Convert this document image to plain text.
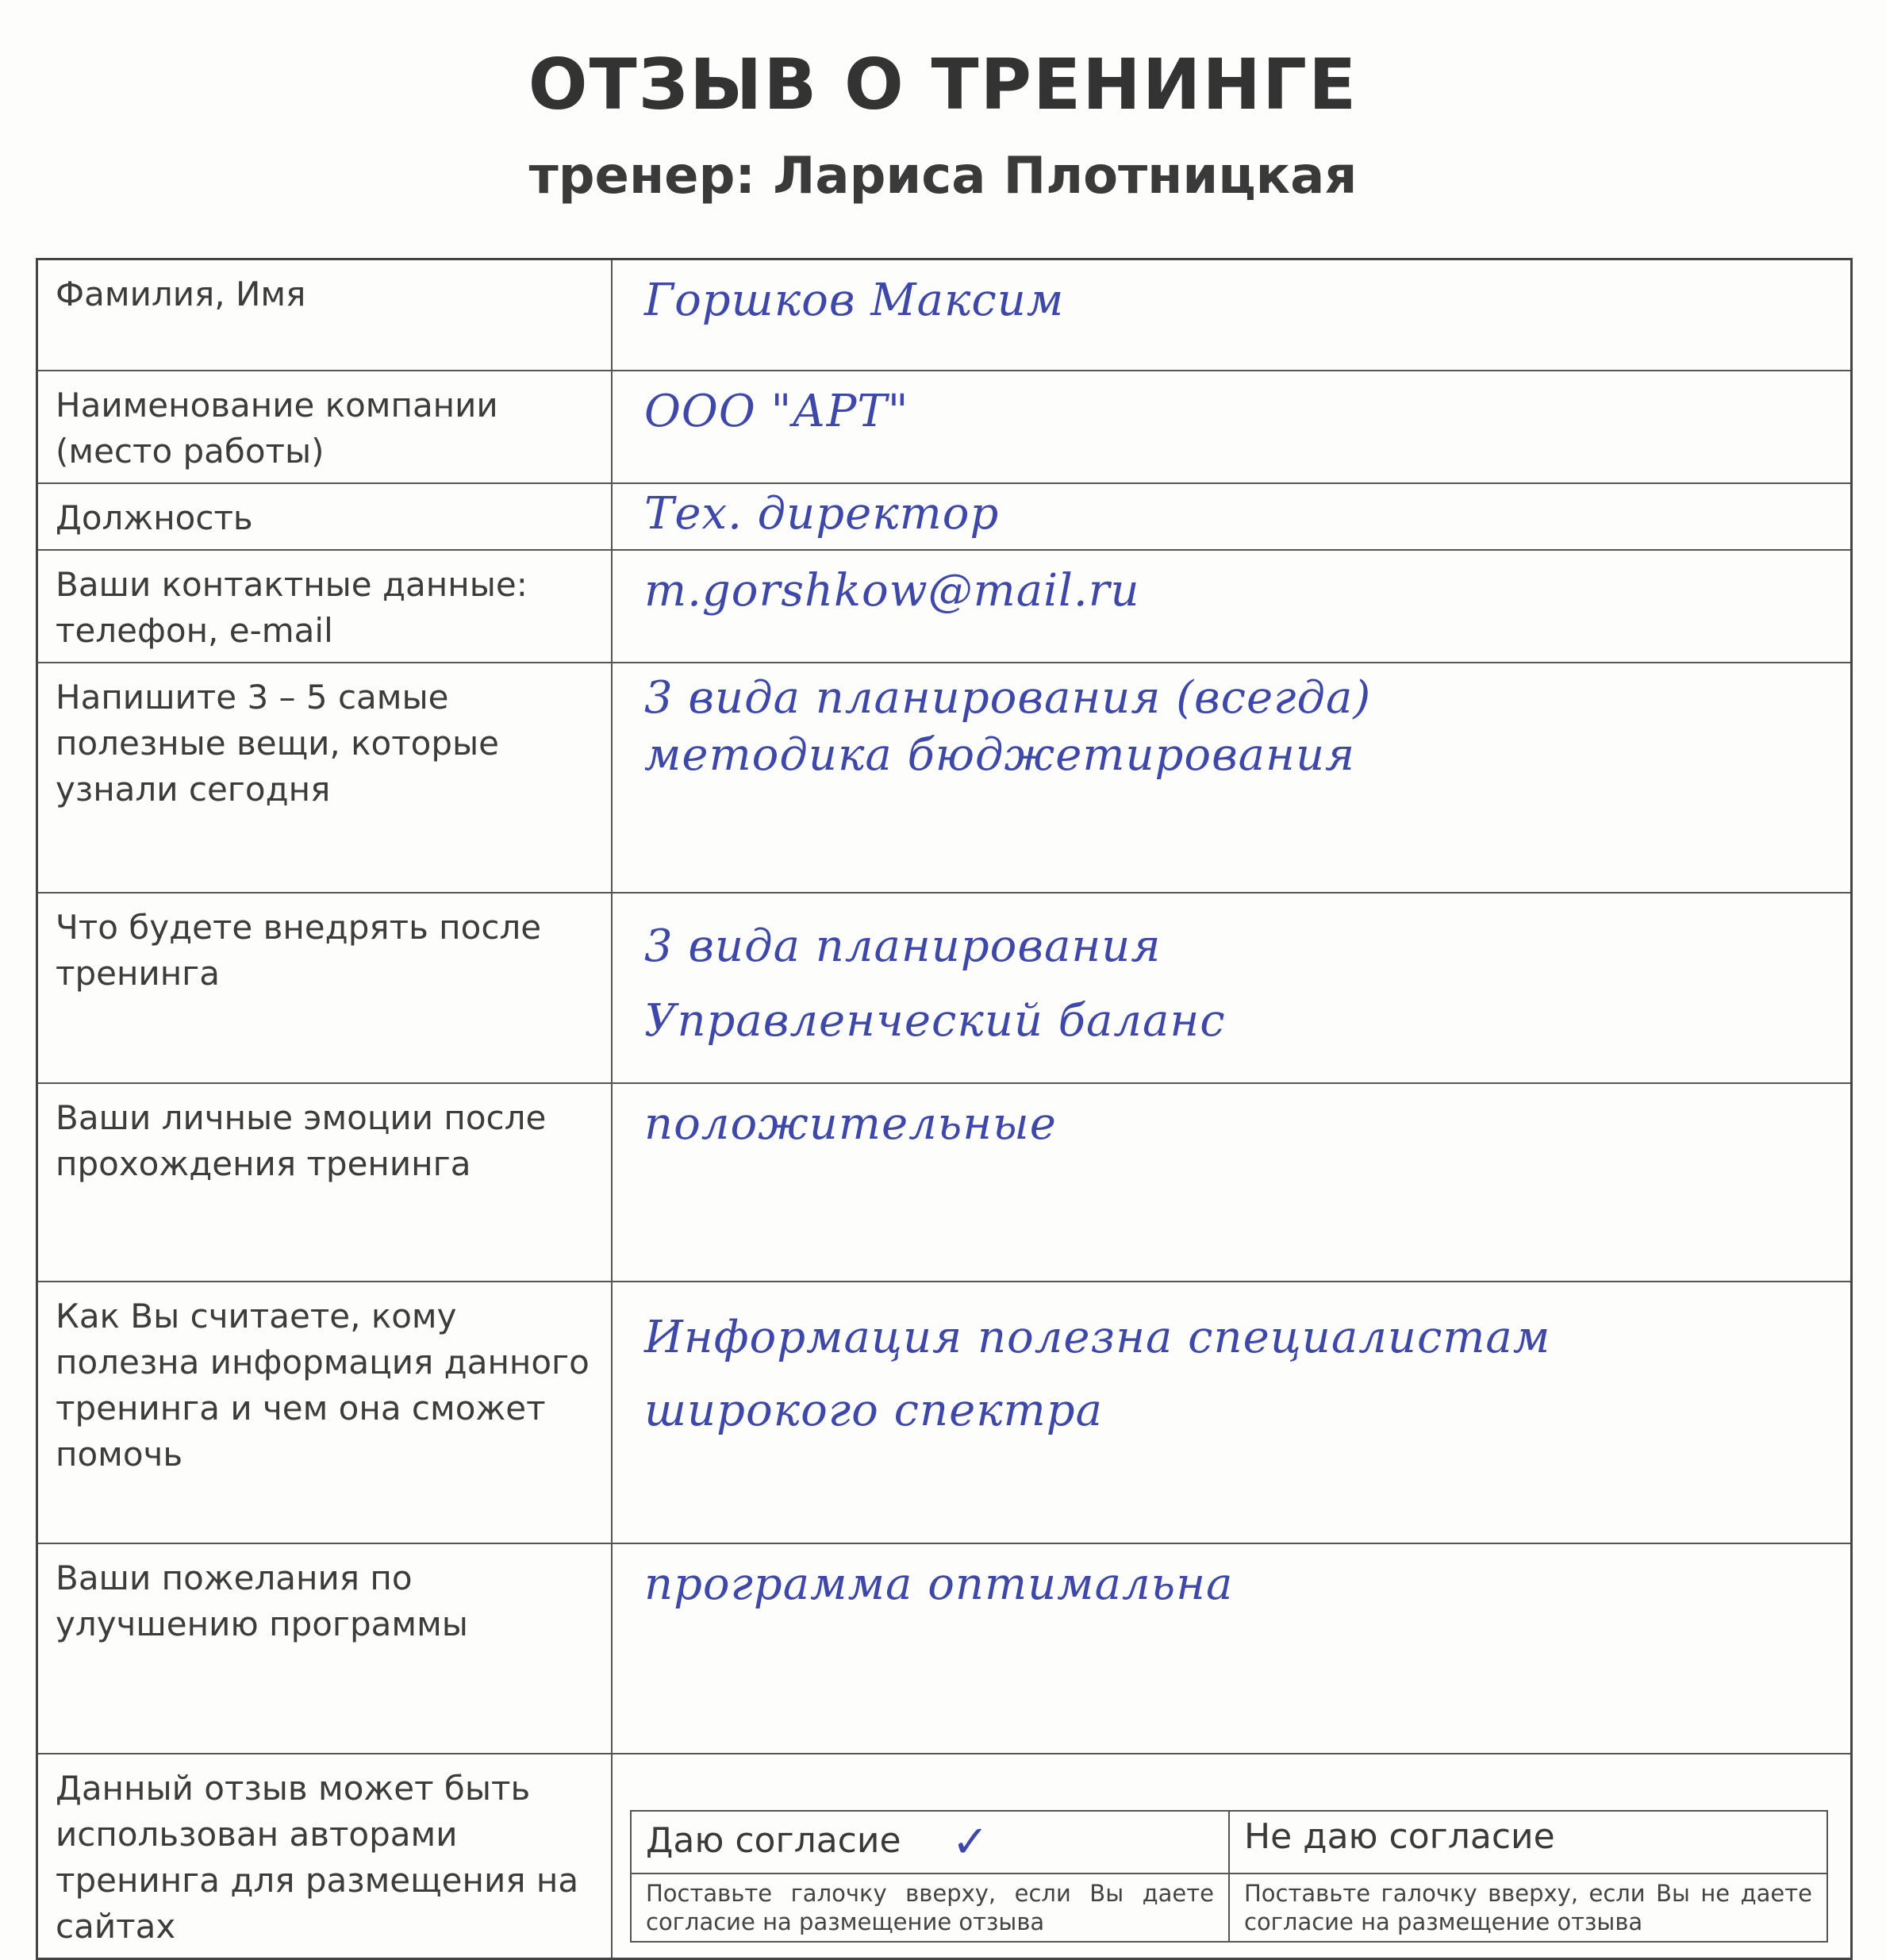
ОТЗЫВ О ТРЕНИНГЕ
тренер: Лариса Плотницкая
Фамилия, Имя	Горшков Максим

Наименование компании (место работы)	
ООО "АРТ"

Должность	Тех. директор

Ваши контактные данные: телефон, e-mail	
m.gorshkow@mail.ru

Напишите 3 – 5 самые полезные вещи, которые узнали сегодня	
3 вида планирования (всегда)
методика бюджетирования

Что будете внедрять после тренинга	
3 вида планирования
Управленческий баланс

Ваши личные эмоции после прохождения тренинга	
положительные

Как Вы считаете, кому полезна информация данного тренинга и чем она сможет помочь	
Информация полезна специалистам
широкого спектра

Ваши пожелания по улучшению программы	
программа оптимальна

Данный отзыв может быть использован авторами тренинга для размещения на сайтах	
Даю согласие ✓	Не даю согласие
Поставьте галочку вверху, если Вы даете согласие на размещение отзыва	Поставьте галочку вверху, если Вы не даете согласие на размещение отзыва
